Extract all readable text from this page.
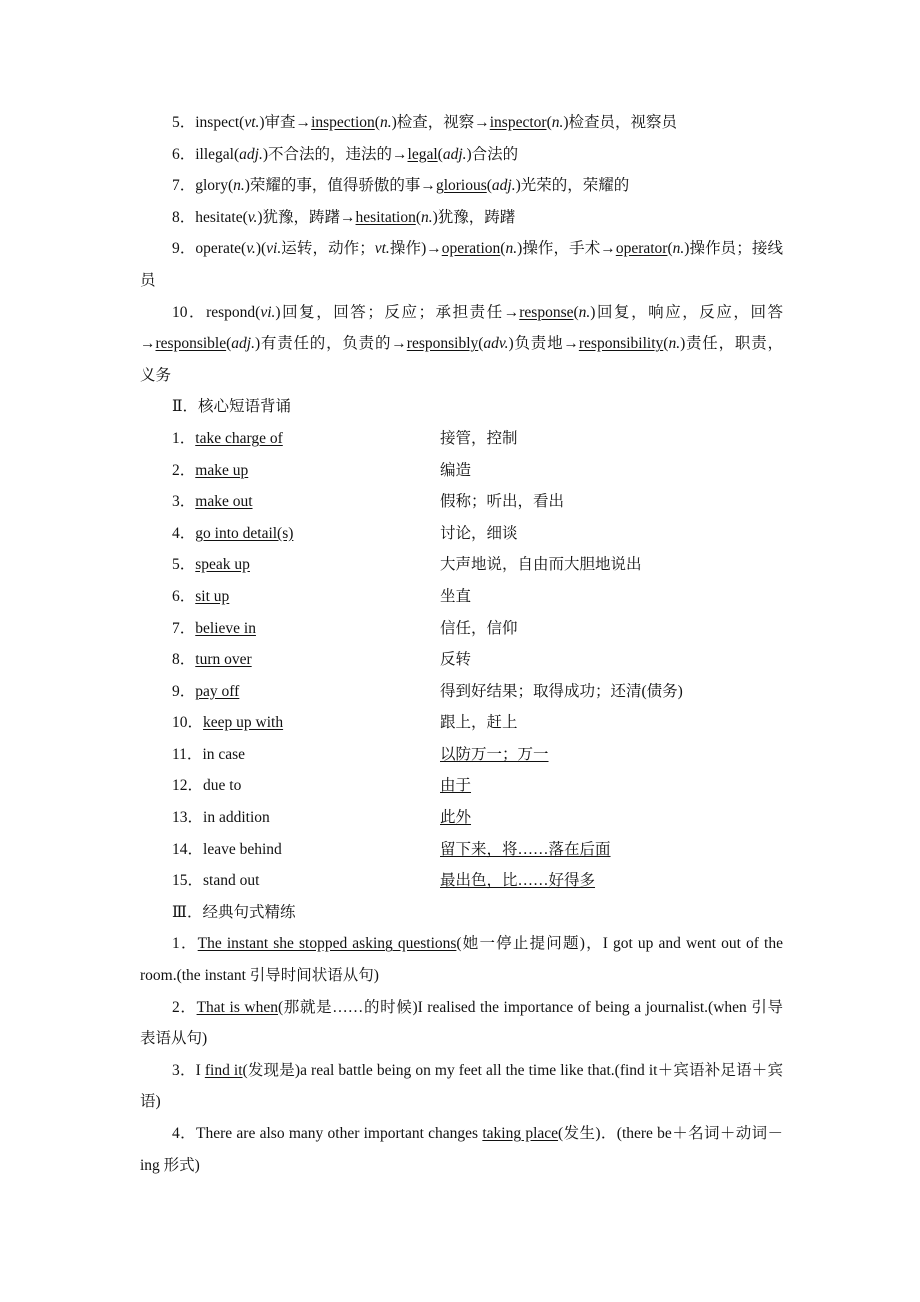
5．inspect(vt.)审查→inspection(n.)检查，视察→inspector(n.)检查员，视察员

6．illegal(adj.)不合法的，违法的→legal(adj.)合法的

7．glory(n.)荣耀的事，值得骄傲的事→glorious(adj.)光荣的，荣耀的

8．hesitate(v.)犹豫，踌躇→hesitation(n.)犹豫，踌躇

9．operate(v.)(vi.运转，动作；vt.操作)→operation(n.)操作，手术→operator(n.)操作员；接线员

10．respond(vi.)回复，回答；反应；承担责任→response(n.)回复，响应，反应，回答→responsible(adj.)有责任的，负责的→responsibly(adv.)负责地→responsibility(n.)责任，职责，义务

Ⅱ．核心短语背诵
1．take charge of	接管，控制
2．make up	编造
3．make out	假称；听出，看出
4．go into detail(s)	讨论，细谈
5．speak up	大声地说，自由而大胆地说出
6．sit up	坐直
7．believe in	信任，信仰
8．turn over	反转
9．pay off	得到好结果；取得成功；还清(债务)
10．keep up with	跟上，赶上
11．in case	以防万一；万一
12．due to	由于
13．in addition	此外
14．leave behind	留下来，将……落在后面
15．stand out	最出色，比……好得多
Ⅲ．经典句式精练

1．The instant she stopped asking questions(她一停止提问题)，I got up and went out of the room.(the instant 引导时间状语从句)

2．That is when(那就是……的时候)I realised the importance of being a journalist.(when 引导表语从句)

3．I find it(发现是)a real battle being on my feet all the time like that.(find it＋宾语补足语＋宾语)

4．There are also many other important changes taking place(发生)．(there be＋名词＋动词－ing 形式)
